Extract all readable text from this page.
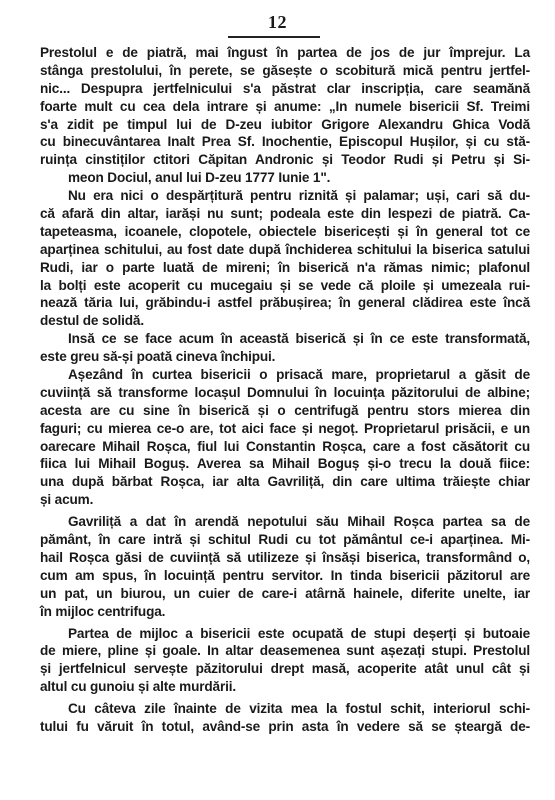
12
Prestolul e de piatră, mai îngust în partea de jos de jur împrejur. La
stânga prestolului, în perete, se găsește o scobitură mică pentru jertfel-
nic... Despupra jertfelnicului s'a păstrat clar inscripția, care seamănă
foarte mult cu cea dela intrare și anume: „In numele bisericii Sf. Treimi
s'a zidit pe timpul lui de D-zeu iubitor Grigore Alexandru Ghica Vodă
cu binecuvântarea Inalt Prea Sf. Inochentie, Episcopul Hușilor, și cu stă-
ruința cinstiților ctitori Căpitan Andronic și Teodor Rudi și Petru și Si-
meon Dociul, anul lui D-zeu 1777 Iunie 1".
Nu era nici o despărțitură pentru riznită și palamar; uși, cari să du-
că afară din altar, iarăși nu sunt; podeala este din lespezi de piatră. Ca-
tapeteasma, icoanele, clopotele, obiectele bisericești și în general tot ce
aparținea schitului, au fost date după închiderea schitului la biserica satului
Rudi, iar o parte luată de mireni; în biserică n'a rămas nimic; plafonul
la bolți este acoperit cu mucegaiu și se vede că ploile și umezeala rui-
nează tăria lui, grăbindu-i astfel prăbușirea; în general clădirea este încă
destul de solidă.
Insă ce se face acum în această biserică și în ce este transformată,
este greu să-și poată cineva închipui.
Așezând în curtea bisericii o prisacă mare, proprietarul a găsit de
cuviință să transforme locașul Domnului în locuința păzitorului de albine;
acesta are cu sine în biserică și o centrifugă pentru stors mierea din
faguri; cu mierea ce-o are, tot aici face și negoț. Proprietarul prisăcii, e un
oarecare Mihail Roșca, fiul lui Constantin Roșca, care a fost căsătorit cu
fiica lui Mihail Boguș. Averea sa Mihail Boguș și-o trecu la două fiice:
una după bărbat Roșca, iar alta Gavriliță, din care ultima trăiește chiar
și acum.
Gavriliță a dat în arendă nepotului său Mihail Roșca partea sa de
pământ, în care intră și schitul Rudi cu tot pământul ce-i aparținea. Mi-
hail Roșca găsi de cuviință să utilizeze și însăși biserica, transformând o,
cum am spus, în locuință pentru servitor. In tinda bisericii păzitorul are
un pat, un biurou, un cuier de care-i atârnă hainele, diferite unelte, iar
în mijloc centrifuga.
Partea de mijloc a bisericii este ocupată de stupi deșerți și butoaie
de miere, pline și goale. In altar deasemenea sunt așezați stupi. Prestolul
și jertfelnicul servește păzitorului drept masă, acoperite atât unul cât și
altul cu gunoiu și alte murdării.
Cu câteva zile înainte de vizita mea la fostul schit, interiorul schi-
tului fu văruit în totul, având-se prin asta în vedere să se șteargă de-
